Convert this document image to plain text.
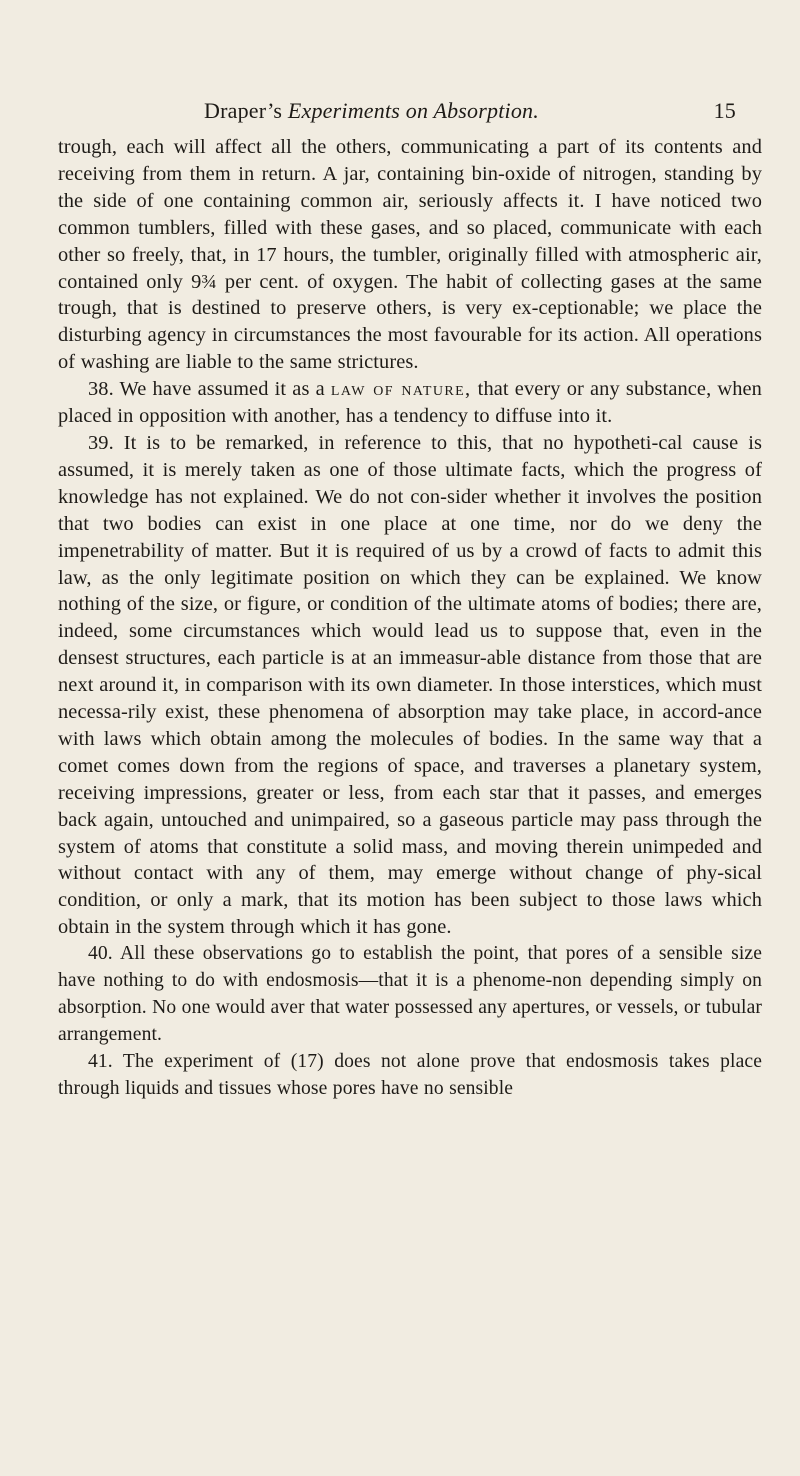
Draper’s Experiments on Absorption.	15

trough, each will affect all the others, communicating a part of its contents and receiving from them in return. A jar, containing bin-oxide of nitrogen, standing by the side of one containing common air, seriously affects it. I have noticed two common tumblers, filled with these gases, and so placed, communicate with each other so freely, that, in 17 hours, the tumbler, originally filled with atmospheric air, contained only 9¾ per cent. of oxygen. The habit of collecting gases at the same trough, that is destined to preserve others, is very ex-ceptionable; we place the disturbing agency in circumstances the most favourable for its action. All operations of washing are liable to the same strictures.

38. We have assumed it as a law of nature, that every or any substance, when placed in opposition with another, has a tendency to diffuse into it.

39. It is to be remarked, in reference to this, that no hypotheti-cal cause is assumed, it is merely taken as one of those ultimate facts, which the progress of knowledge has not explained. We do not con-sider whether it involves the position that two bodies can exist in one place at one time, nor do we deny the impenetrability of matter. But it is required of us by a crowd of facts to admit this law, as the only legitimate position on which they can be explained. We know nothing of the size, or figure, or condition of the ultimate atoms of bodies; there are, indeed, some circumstances which would lead us to suppose that, even in the densest structures, each particle is at an immeasur-able distance from those that are next around it, in comparison with its own diameter. In those interstices, which must necessa-rily exist, these phenomena of absorption may take place, in accord-ance with laws which obtain among the molecules of bodies. In the same way that a comet comes down from the regions of space, and traverses a planetary system, receiving impressions, greater or less, from each star that it passes, and emerges back again, untouched and unimpaired, so a gaseous particle may pass through the system of atoms that constitute a solid mass, and moving therein unimpeded and without contact with any of them, may emerge without change of phy-sical condition, or only a mark, that its motion has been subject to those laws which obtain in the system through which it has gone.

40. All these observations go to establish the point, that pores of a sensible size have nothing to do with endosmosis—that it is a phenome-non depending simply on absorption. No one would aver that water possessed any apertures, or vessels, or tubular arrangement.

41. The experiment of (17) does not alone prove that endosmosis takes place through liquids and tissues whose pores have no sensible
